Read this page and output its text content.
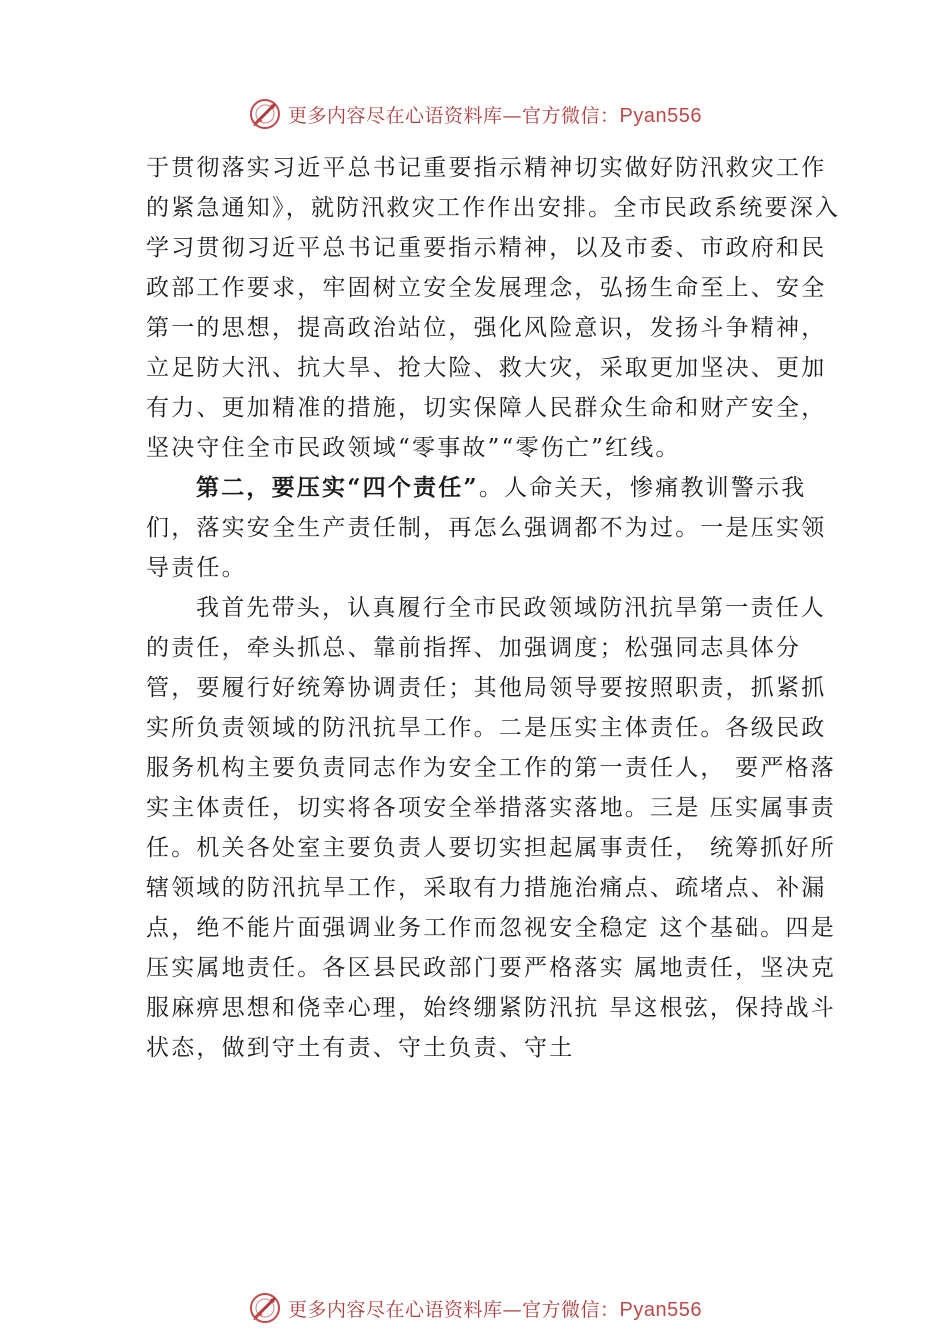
更多内容尽在心语资料库—官方微信：Pyan556

于贯彻落实习近平总书记重要指示精神切实做好防汛救灾工作的紧急通知》，就防汛救灾工作作出安排。全市民政系统要深入学习贯彻习近平总书记重要指示精神，以及市委、市政府和民政部工作要求，牢固树立安全发展理念，弘扬生命至上、安全第一的思想，提高政治站位，强化风险意识，发扬斗争精神，立足防大汛、抗大旱、抢大险、救大灾，采取更加坚决、更加有力、更加精准的措施，切实保障人民群众生命和财产安全，坚决守住全市民政领域“零事故”“零伤亡”红线。

第二，要压实“四个责任”。人命关天，惨痛教训警示我们，落实安全生产责任制，再怎么强调都不为过。一是压实领导责任。

我首先带头，认真履行全市民政领域防汛抗旱第一责任人的责任，牵头抓总、靠前指挥、加强调度；松强同志具体分管，要履行好统筹协调责任；其他局领导要按照职责，抓紧抓实所负责领域的防汛抗旱工作。二是压实主体责任。各级民政服务机构主要负责同志作为安全工作的第一责任人， 要严格落实主体责任，切实将各项安全举措落实落地。三是 压实属事责任。机关各处室主要负责人要切实担起属事责任， 统筹抓好所辖领域的防汛抗旱工作，采取有力措施治痛点、疏堵点、补漏点，绝不能片面强调业务工作而忽视安全稳定 这个基础。四是压实属地责任。各区县民政部门要严格落实 属地责任，坚决克服麻痹思想和侥幸心理，始终绷紧防汛抗 旱这根弦，保持战斗状态，做到守土有责、守土负责、守土

更多内容尽在心语资料库—官方微信：Pyan556
